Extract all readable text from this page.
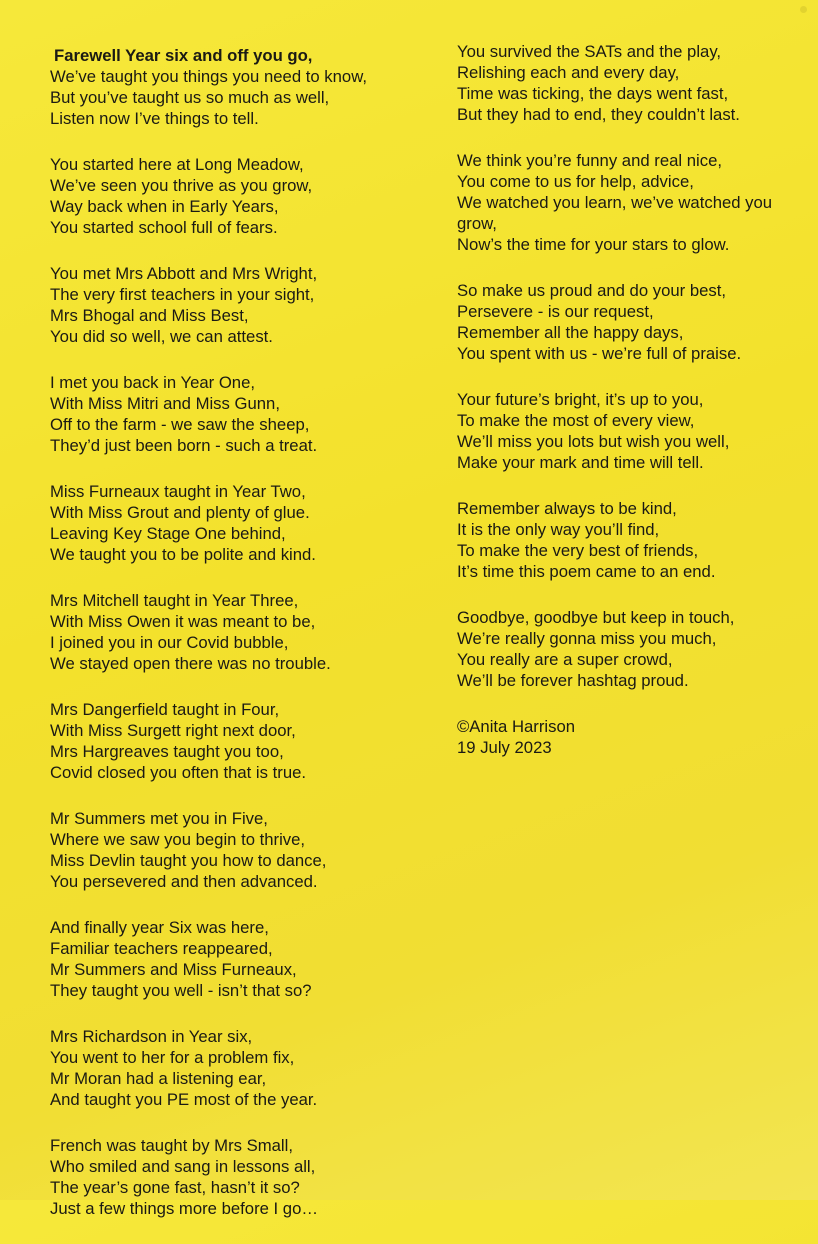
Farewell Year six and off you go,
We’ve taught you things you need to know,
But you’ve taught us so much as well,
Listen now I’ve things to tell.
You started here at Long Meadow,
We’ve seen you thrive as you grow,
Way back when in Early Years,
You started school full of fears.
You met Mrs Abbott and Mrs Wright,
The very first teachers in your sight,
Mrs Bhogal and Miss Best,
You did so well, we can attest.
I met you back in Year One,
With Miss Mitri and Miss Gunn,
Off to the farm - we saw the sheep,
They’d just been born - such a treat.
Miss Furneaux taught in Year Two,
With Miss Grout and plenty of glue.
Leaving Key Stage One behind,
We taught you to be polite and kind.
Mrs Mitchell taught in Year Three,
With Miss Owen it was meant to be,
I joined you in our Covid bubble,
We stayed open there was no trouble.
Mrs Dangerfield taught in Four,
With Miss Surgett right next door,
Mrs Hargreaves taught you too,
Covid closed you often that is true.
Mr Summers met you in Five,
Where we saw you begin to thrive,
Miss Devlin taught you how to dance,
You persevered and then advanced.
And finally year Six was here,
Familiar teachers reappeared,
Mr Summers and Miss Furneaux,
They taught you well - isn’t that so?
Mrs Richardson in Year six,
You went to her for a problem fix,
Mr Moran had a listening ear,
And taught you PE most of the year.
French was taught by Mrs Small,
Who smiled and sang in lessons all,
The year’s gone fast, hasn’t it so?
Just a few things more before I go…
You survived the SATs and the play,
Relishing each and every day,
Time was ticking, the days went fast,
But they had to end, they couldn’t last.
We think you’re funny and real nice,
You come to us for help, advice,
We watched you learn, we’ve watched you grow,
Now’s the time for your stars to glow.
So make us proud and do your best,
Persevere - is our request,
Remember all the happy days,
You spent with us - we’re full of praise.
Your future’s bright, it’s up to you,
To make the most of every view,
We’ll miss you lots but wish you well,
Make your mark and time will tell.
Remember always to be kind,
It is the only way you’ll find,
To make the very best of friends,
It’s time this poem came to an end.
Goodbye, goodbye but keep in touch,
We’re really gonna miss you much,
You really are a super crowd,
We’ll be forever hashtag proud.
©Anita Harrison
19 July 2023
